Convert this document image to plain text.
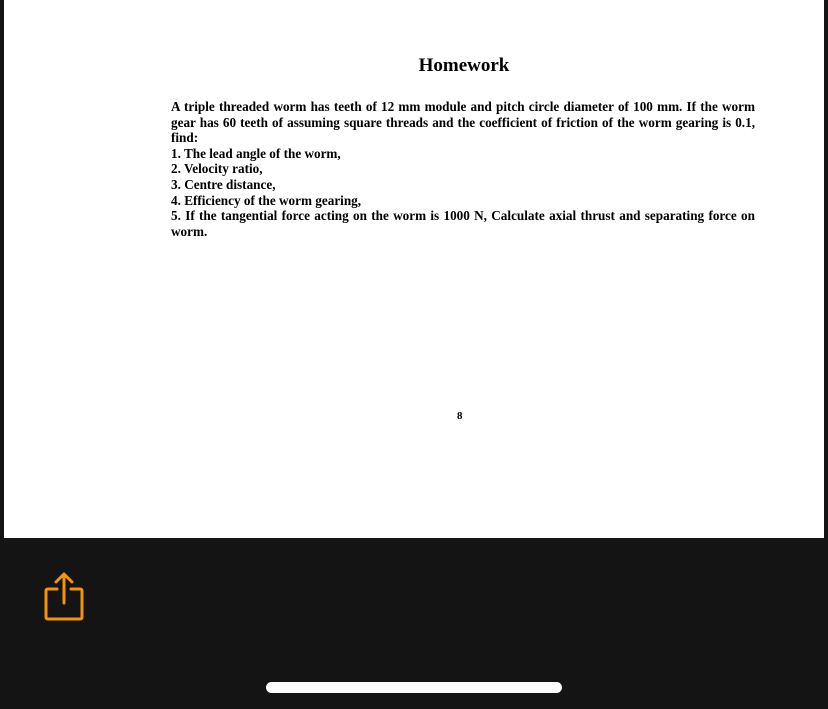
Homework

A triple threaded worm has teeth of 12 mm module and pitch circle diameter of 100 mm. If the worm gear has 60 teeth of assuming square threads and the coefficient of friction of the worm gearing is 0.1, find:

1. The lead angle of the worm,
2. Velocity ratio,
3. Centre distance,
4. Efficiency of the worm gearing,
5. If the tangential force acting on the worm is 1000 N, Calculate axial thrust and separating force on worm.
8
